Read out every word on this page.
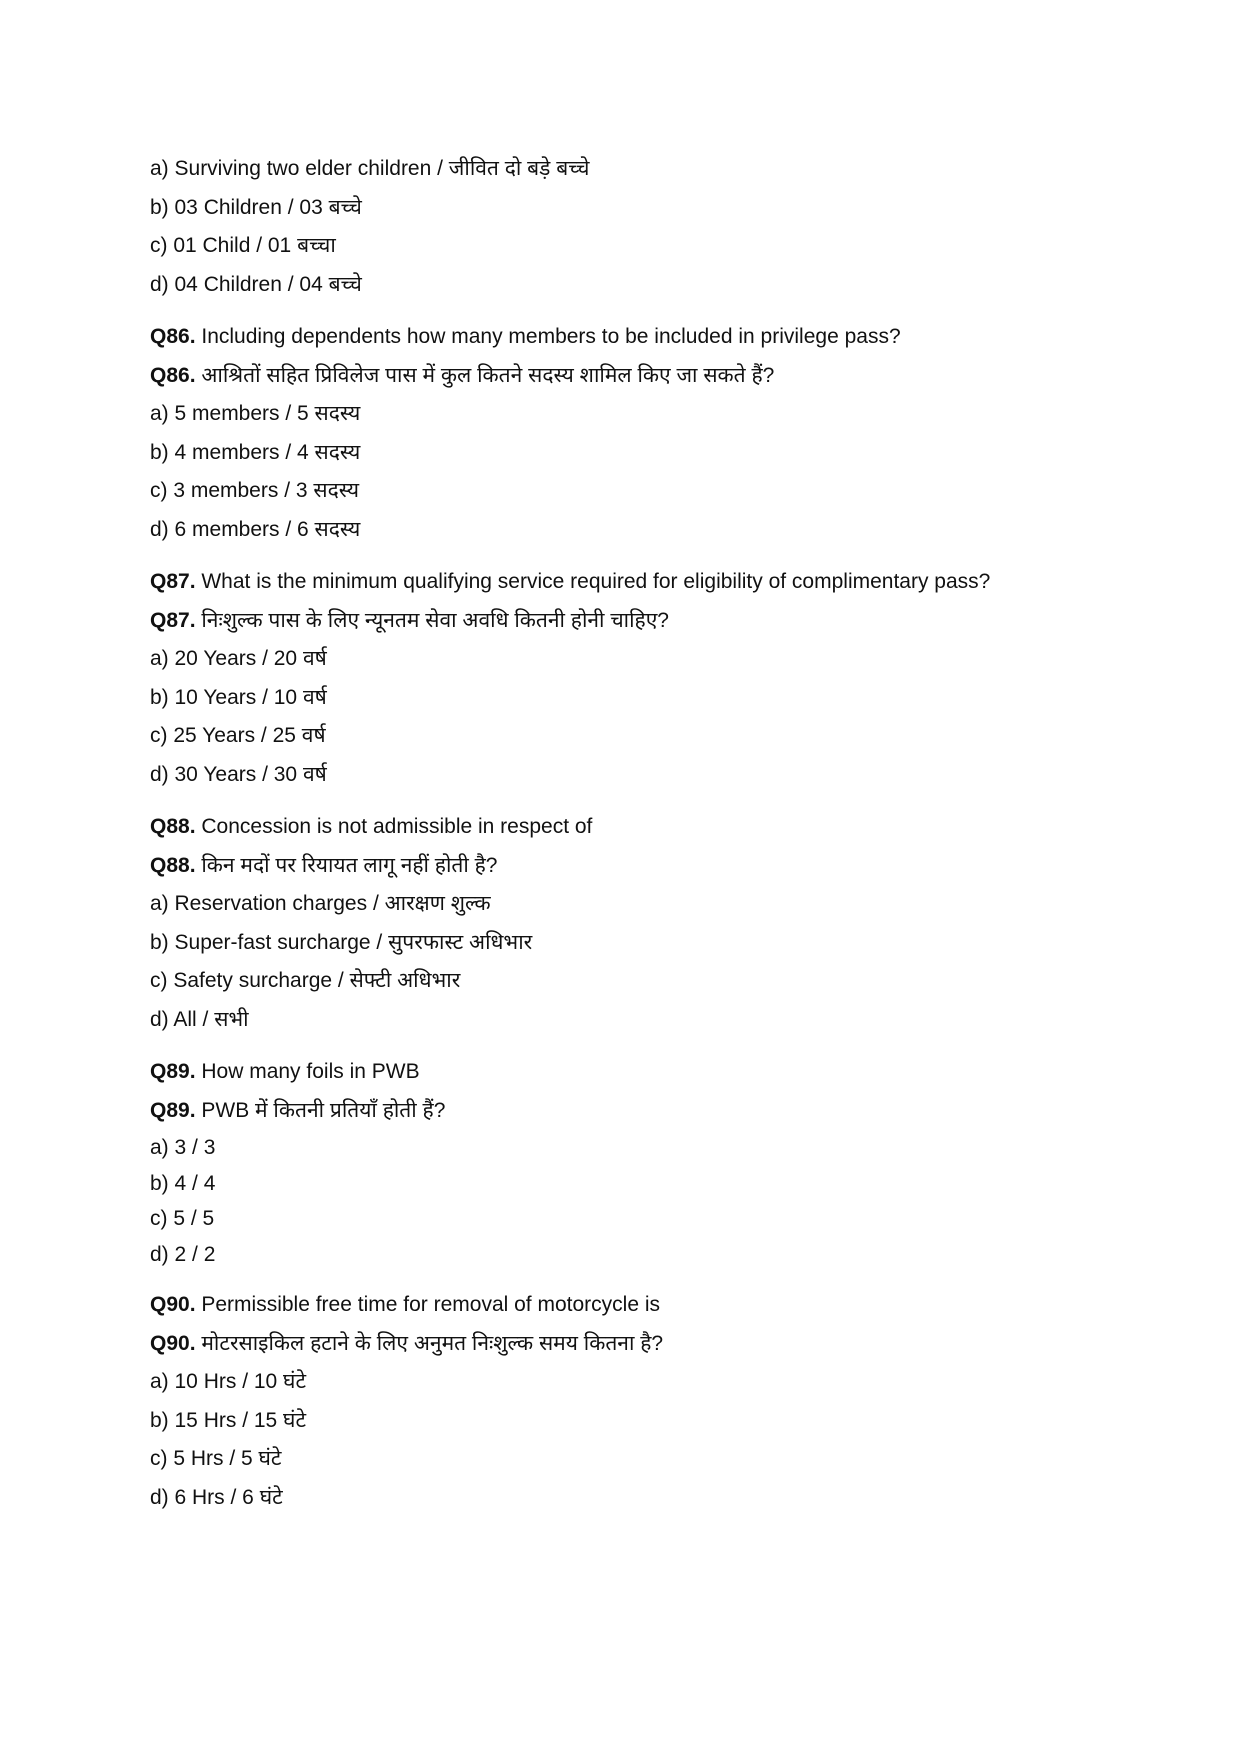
a) Surviving two elder children / जीवित दो बड़े बच्चे
b) 03 Children / 03 बच्चे
c) 01 Child / 01 बच्चा
d) 04 Children / 04 बच्चे
Q86. Including dependents how many members to be included in privilege pass?
Q86. आश्रितों सहित प्रिविलेज पास में कुल कितने सदस्य शामिल किए जा सकते हैं?
a) 5 members / 5 सदस्य
b) 4 members / 4 सदस्य
c) 3 members / 3 सदस्य
d) 6 members / 6 सदस्य
Q87. What is the minimum qualifying service required for eligibility of complimentary pass?
Q87. निःशुल्क पास के लिए न्यूनतम सेवा अवधि कितनी होनी चाहिए?
a) 20 Years / 20 वर्ष
b) 10 Years / 10 वर्ष
c) 25 Years / 25 वर्ष
d) 30 Years / 30 वर्ष
Q88. Concession is not admissible in respect of
Q88. किन मदों पर रियायत लागू नहीं होती है?
a) Reservation charges / आरक्षण शुल्क
b) Super-fast surcharge / सुपरफास्ट अधिभार
c) Safety surcharge / सेफ्टी अधिभार
d) All / सभी
Q89. How many foils in PWB
Q89. PWB में कितनी प्रतियाँ होती हैं?
a) 3 / 3
b) 4 / 4
c) 5 / 5
d) 2 / 2
Q90. Permissible free time for removal of motorcycle is
Q90. मोटरसाइकिल हटाने के लिए अनुमत निःशुल्क समय कितना है?
a) 10 Hrs / 10 घंटे
b) 15 Hrs / 15 घंटे
c) 5 Hrs / 5 घंटे
d) 6 Hrs / 6 घंटे
